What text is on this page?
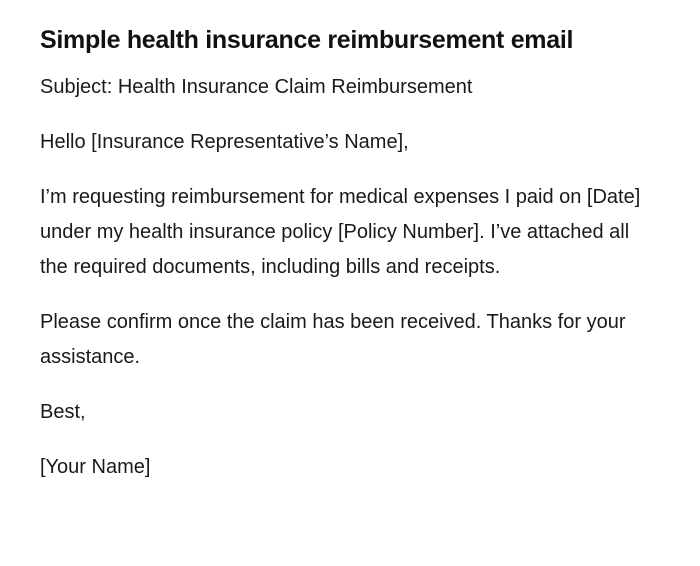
Simple health insurance reimbursement email

Subject: Health Insurance Claim Reimbursement

Hello [Insurance Representative’s Name],

I’m requesting reimbursement for medical expenses I paid on [Date] under my health insurance policy [Policy Number]. I’ve attached all the required documents, including bills and receipts.

Please confirm once the claim has been received. Thanks for your assistance.

Best,

[Your Name]
